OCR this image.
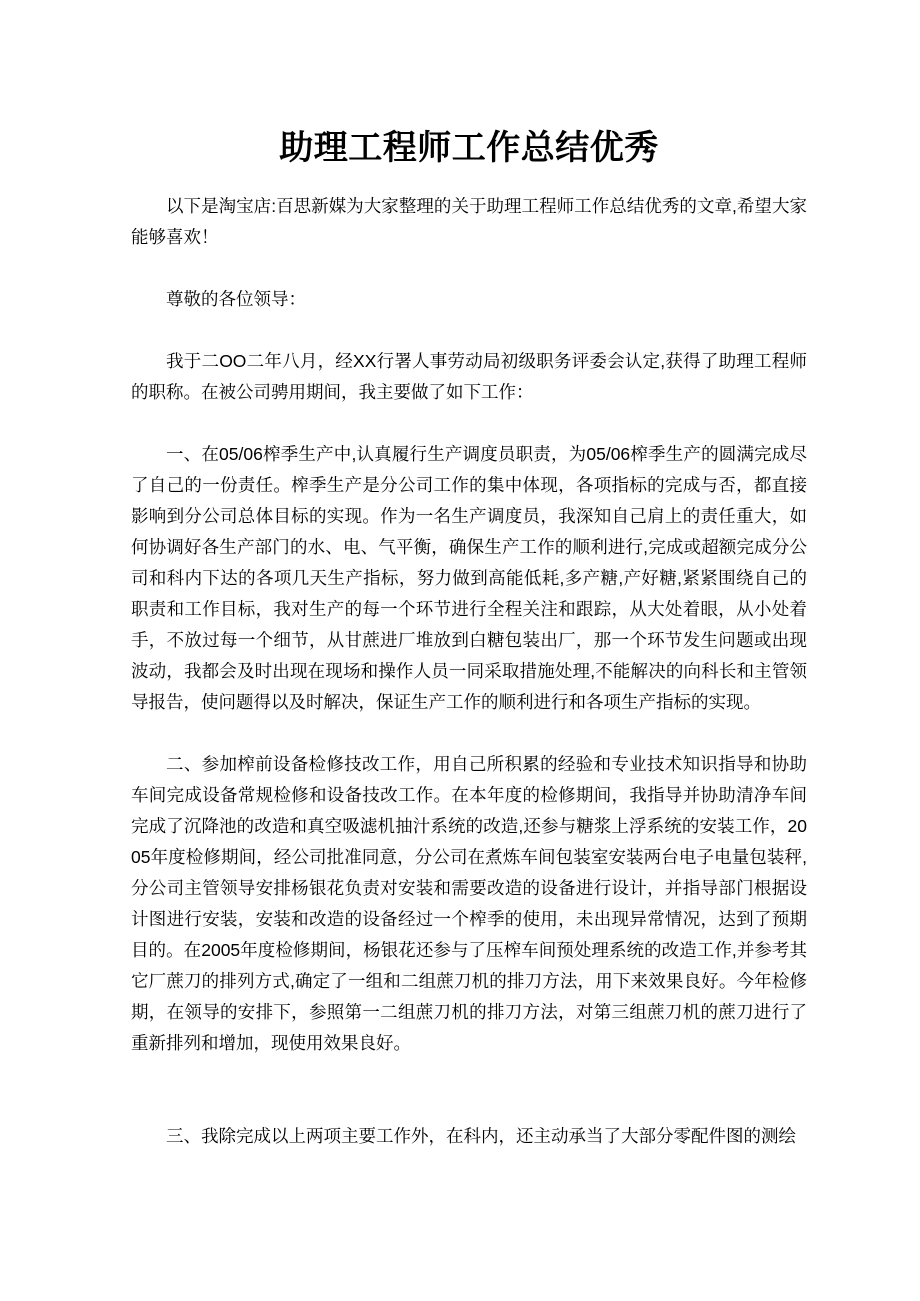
助理工程师工作总结优秀

以下是淘宝店:百思新媒为大家整理的关于助理工程师工作总结优秀的文章,希望大家能够喜欢！

尊敬的各位领导：

我于二OO二年八月，经XX行署人事劳动局初级职务评委会认定,获得了助理工程师的职称。在被公司骋用期间，我主要做了如下工作：

一、在05/06榨季生产中,认真履行生产调度员职责，为05/06榨季生产的圆满完成尽了自己的一份责任。榨季生产是分公司工作的集中体现，各项指标的完成与否，都直接影响到分公司总体目标的实现。作为一名生产调度员，我深知自己肩上的责任重大，如何协调好各生产部门的水、电、气平衡，确保生产工作的顺利进行,完成或超额完成分公司和科内下达的各项几天生产指标，努力做到高能低耗,多产糖,产好糖,紧紧围绕自己的职责和工作目标，我对生产的每一个环节进行全程关注和跟踪，从大处着眼，从小处着手，不放过每一个细节，从甘蔗进厂堆放到白糖包装出厂，那一个环节发生问题或出现波动，我都会及时出现在现场和操作人员一同采取措施处理,不能解决的向科长和主管领导报告，使问题得以及时解决，保证生产工作的顺利进行和各项生产指标的实现。

二、参加榨前设备检修技改工作，用自己所积累的经验和专业技术知识指导和协助车间完成设备常规检修和设备技改工作。在本年度的检修期间，我指导并协助清净车间完成了沉降池的改造和真空吸滤机抽汁系统的改造,还参与糖浆上浮系统的安装工作，2005年度检修期间，经公司批准同意，分公司在煮炼车间包装室安装两台电子电量包装秤,分公司主管领导安排杨银花负责对安装和需要改造的设备进行设计，并指导部门根据设计图进行安装，安装和改造的设备经过一个榨季的使用，未出现异常情况，达到了预期目的。在2005年度检修期间，杨银花还参与了压榨车间预处理系统的改造工作,并参考其它厂蔗刀的排列方式,确定了一组和二组蔗刀机的排刀方法，用下来效果良好。今年检修期，在领导的安排下，参照第一二组蔗刀机的排刀方法，对第三组蔗刀机的蔗刀进行了重新排列和增加，现使用效果良好。

三、我除完成以上两项主要工作外，在科内，还主动承当了大部分零配件图的测绘
